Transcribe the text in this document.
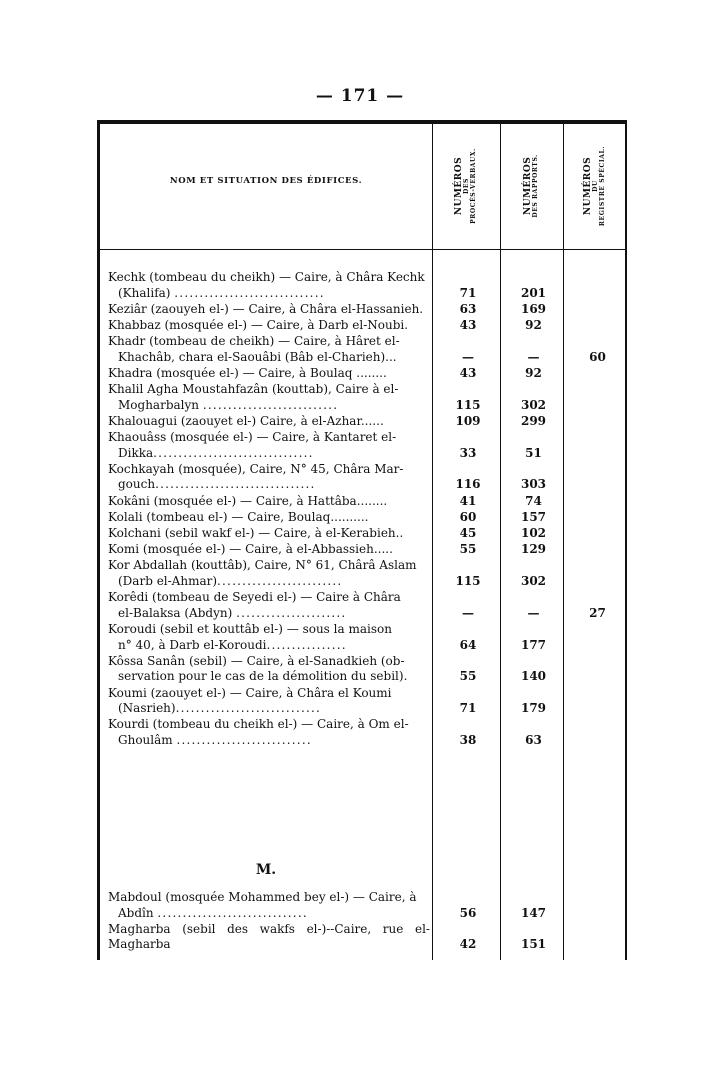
— 171 —
NOM ET SITUATION DES ÉDIFICES.	NUMÉROS DES PROCÈS-VERBAUX.	NUMÉROS DES RAPPORTS.	NUMÉROS DU REGISTRE SPÉCIAL.
Kechk (tombeau du cheikh) — Caire, à Châra Kechk
(Khalifa) ..............................	71	201
Keziâr (zaouyeh el-) — Caire, à Châra el-Hassanieh.	63	169
Khabbaz (mosquée el-) — Caire, à Darb el-Noubi.	43	92
Khadr (tombeau de cheikh) — Caire, à Hâret el-
Khachâb, chara el-Saouâbi (Bâb el-Charieh)...	—	—	60
Khadra (mosquée el-) — Caire, à Boulaq ........	43	92
Khalil Agha Moustahfazân (kouttab), Caire à el-
Mogharbalyn ...........................	115	302
Khalouagui (zaouyet el-) Caire, à el-Azhar......	109	299
Khaouâss (mosquée el-) — Caire, à Kantaret el-
Dikka................................	33	51
Kochkayah (mosquée), Caire, N° 45, Châra Mar-
gouch................................	116	303
Kokâni (mosquée el-) — Caire, à Hattâba........	41	74
Kolali (tombeau el-) — Caire, Boulaq..........	60	157
Kolchani (sebil wakf el-) — Caire, à el-Kerabieh..	45	102
Komi (mosquée el-) — Caire, à el-Abbassieh.....	55	129
Kor Abdallah (kouttâb), Caire, N° 61, Chârâ Aslam
(Darb el-Ahmar).........................	115	302
Korêdi (tombeau de Seyedi el-) — Caire à Châra
el-Balaksa (Abdyn) ......................	—	—	27
Koroudi (sebil et kouttâb el-) — sous la maison
n° 40, à Darb el-Koroudi................	64	177
Kôssa Sanân (sebil) — Caire, à el-Sanadkieh (ob-
servation pour le cas de la démolition du sebil).	55	140
Koumi (zaouyet el-) — Caire, à Châra el Koumi
(Nasrieh).............................	71	179
Kourdi (tombeau du cheikh el-) — Caire, à Om el-
Ghoulâm ...........................	38	63
M.
Mabdoul (mosquée Mohammed bey el-) — Caire, à
Abdîn ..............................	56	147
Magharba (sebil des wakfs el-)--Caire, rue el-Magharba	42	151
